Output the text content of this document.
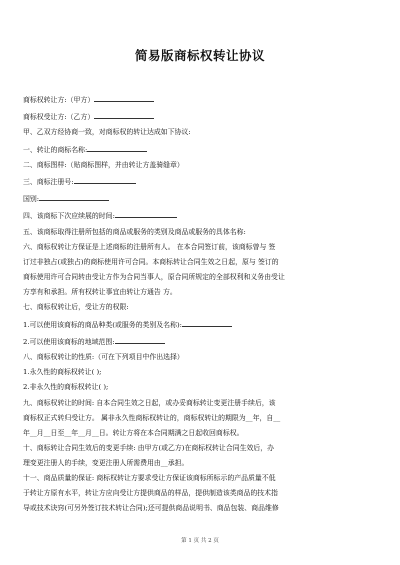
简易版商标权转让协议
商标权转让方:（甲方）
商标权受让方:（乙方）
甲、乙双方经协商一致，对商标权的转让达成如下协议:
一、转让的商标名称:
二、商标图样:（贴商标图样，并由转让方盖骑缝章）
三、商标注册号:
国别:
四、该商标下次应续展的时间:
五、该商标取得注册所包括的商品或服务的类别及商品或服务的具体名称:
六、商标权转让方保证是上述商标的注册所有人。 在本合同签订前，该商标曾与 签
订过非独占(或独占)的商标使用许可合同。本商标转让合同生效之日起，原与 签订的
商标使用许可合同转由受让方作为合同当事人，原合同所规定的全部权利和义务由受让
方享有和承担。所有权转让事宜由转让方通告 方。
七、商标权转让后，受让方的权限:
1.可以使用该商标的商品种类(或服务的类别及名称):
2.可以使用该商标的地域范围:
八、商标权转让的性质:（可在下列项目中作出选择）
1.永久性的商标权转让( );
2.非永久性的商标权转让( );
九、商标权转让的时间: 自本合同生效之日起，或办妥商标转让变更注册手续后，该
商标权正式转归受让方。 属非永久性商标权转让的，商标权转让的期限为__年，自__
年__月__日至__年__月__日。转让方将在本合同期满之日起收回商标权。
十、商标转让合同生效后的变更手续: 由甲方(或乙方)在商标权转让合同生效后，办
理变更注册人的手续，变更注册人所需费用由__承担。
十一、商品质量的保证: 商标权转让方要求受让方保证该商标所标示的产品质量不低
于转让方原有水平，转让方应向受让方提供商品的样品，提供制造该类商品的技术指
导或技术诀窍(可另外签订技术转让合同);还可提供商品说明书、商品包装、商品维修
第 1 页 共 2 页
